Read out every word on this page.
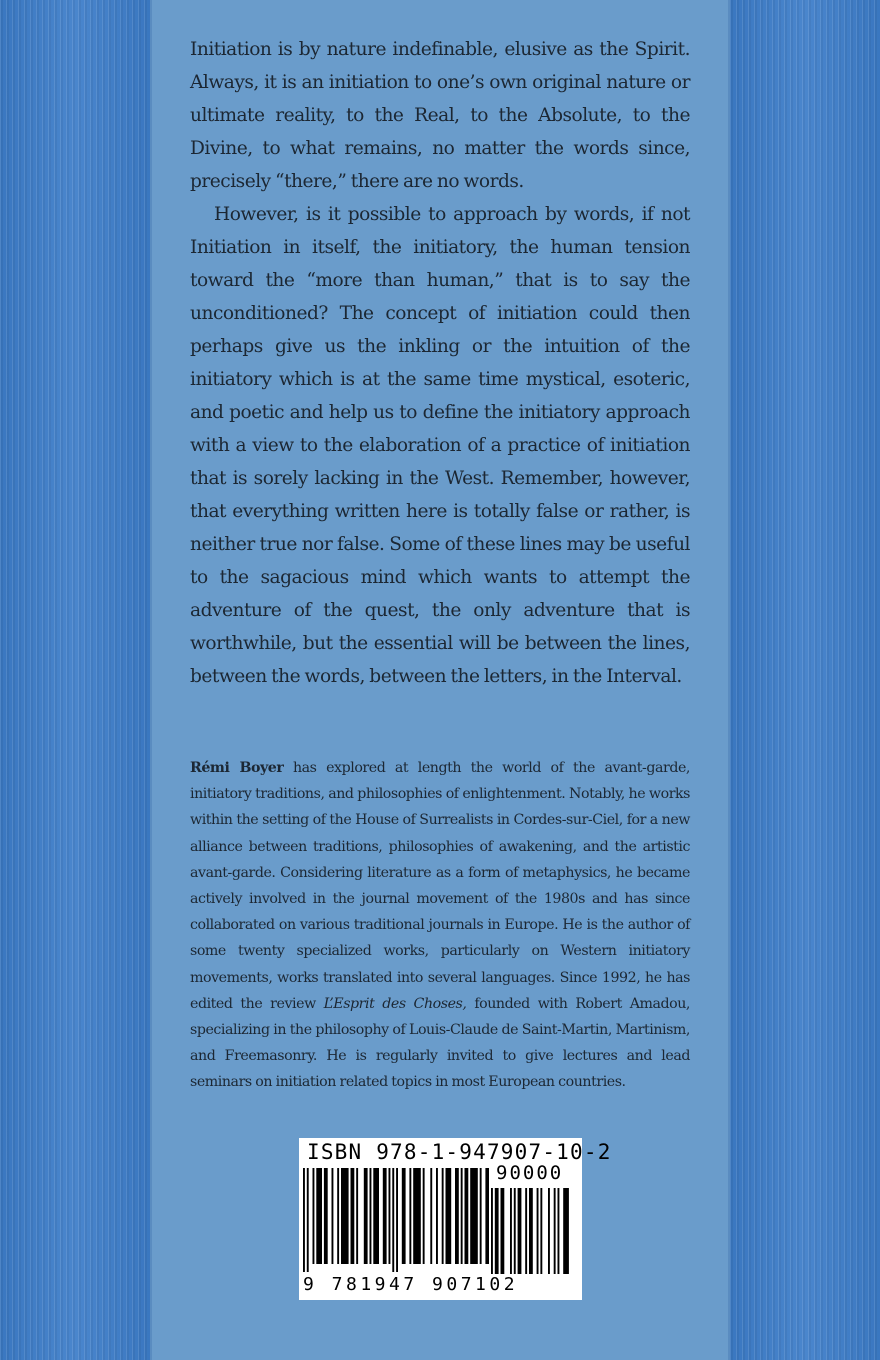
Initiation is by nature indefinable, elusive as the Spirit. Always, it is an initiation to one’s own original nature or ultimate reality, to the Real, to the Absolute, to the Divine, to what remains, no matter the words since, precisely “there,” there are no words.

However, is it possible to approach by words, if not Initiation in itself, the initiatory, the human tension toward the “more than human,” that is to say the unconditioned? The concept of initiation could then perhaps give us the inkling or the intuition of the initiatory which is at the same time mystical, esoteric, and poetic and help us to define the initiatory approach with a view to the elaboration of a practice of initiation that is sorely lacking in the West. Remember, however, that everything written here is totally false or rather, is neither true nor false. Some of these lines may be useful to the sagacious mind which wants to attempt the adventure of the quest, the only adventure that is worthwhile, but the essential will be between the lines, between the words, between the letters, in the Interval.

Rémi Boyer has explored at length the world of the avant-garde, initiatory traditions, and philosophies of enlightenment. Notably, he works within the setting of the House of Surrealists in Cordes-sur-Ciel, for a new alliance between traditions, philosophies of awakening, and the artistic avant-garde. Considering literature as a form of metaphysics, he became actively involved in the journal movement of the 1980s and has since collaborated on various traditional journals in Europe. He is the author of some twenty specialized works, particularly on Western initiatory movements, works translated into several languages. Since 1992, he has edited the review L’Esprit des Choses, founded with Robert Amadou, specializing in the philosophy of Louis-Claude de Saint-Martin, Martinism, and Freemasonry. He is regularly invited to give lectures and lead seminars on initiation related topics in most European countries.

ISBN 978-1-947907-10-2
90000
9 781947 907102
